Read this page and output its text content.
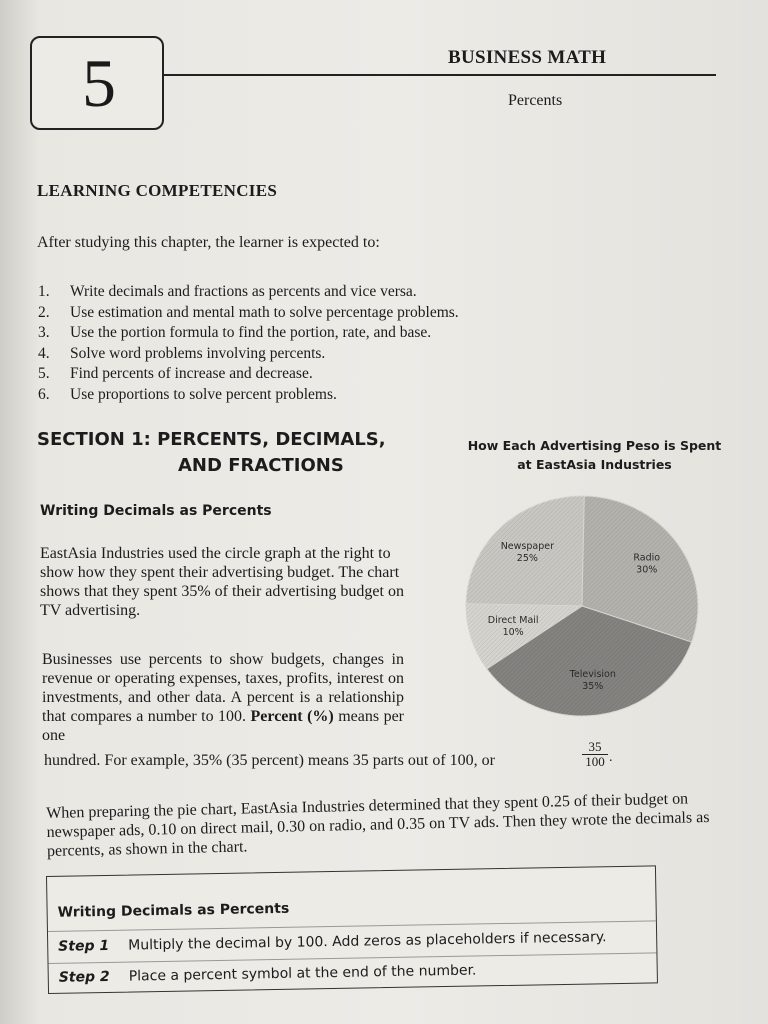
5	BUSINESS MATH
Percents
LEARNING COMPETENCIES
After studying this chapter, the learner is expected to:
1.	Write decimals and fractions as percents and vice versa.
2.	Use estimation and mental math to solve percentage problems.
3.	Use the portion formula to find the portion, rate, and base.
4.	Solve word problems involving percents.
5.	Find percents of increase and decrease.
6.	Use proportions to solve percent problems.
SECTION 1: PERCENTS, DECIMALS,
AND FRACTIONS
Writing Decimals as Percents
EastAsia Industries used the circle graph at the right to show how they spent their advertising budget. The chart shows that they spent 35% of their advertising budget on TV advertising.
Businesses use percents to show budgets, changes in revenue or operating expenses, taxes, profits, interest on investments, and other data. A percent is a relationship that compares a number to 100. Percent (%) means per one
hundred. For example, 35% (35 percent) means 35 parts out of 100, or	$\frac{35}{100}$ .
When preparing the pie chart, EastAsia Industries determined that they spent 0.25 of their budget on newspaper ads, 0.10 on direct mail, 0.30 on radio, and 0.35 on TV ads. Then they wrote the decimals as percents, as shown in the chart.
How Each Advertising Peso is Spent
at EastAsia Industries
Newspaper
25%	Radio
30%
Television
35%
Direct Mail
10%
Writing Decimals as Percents
Step 1 Multiply the decimal by 100. Add zeros as placeholders if necessary.
Step 2 Place a percent symbol at the end of the number.
